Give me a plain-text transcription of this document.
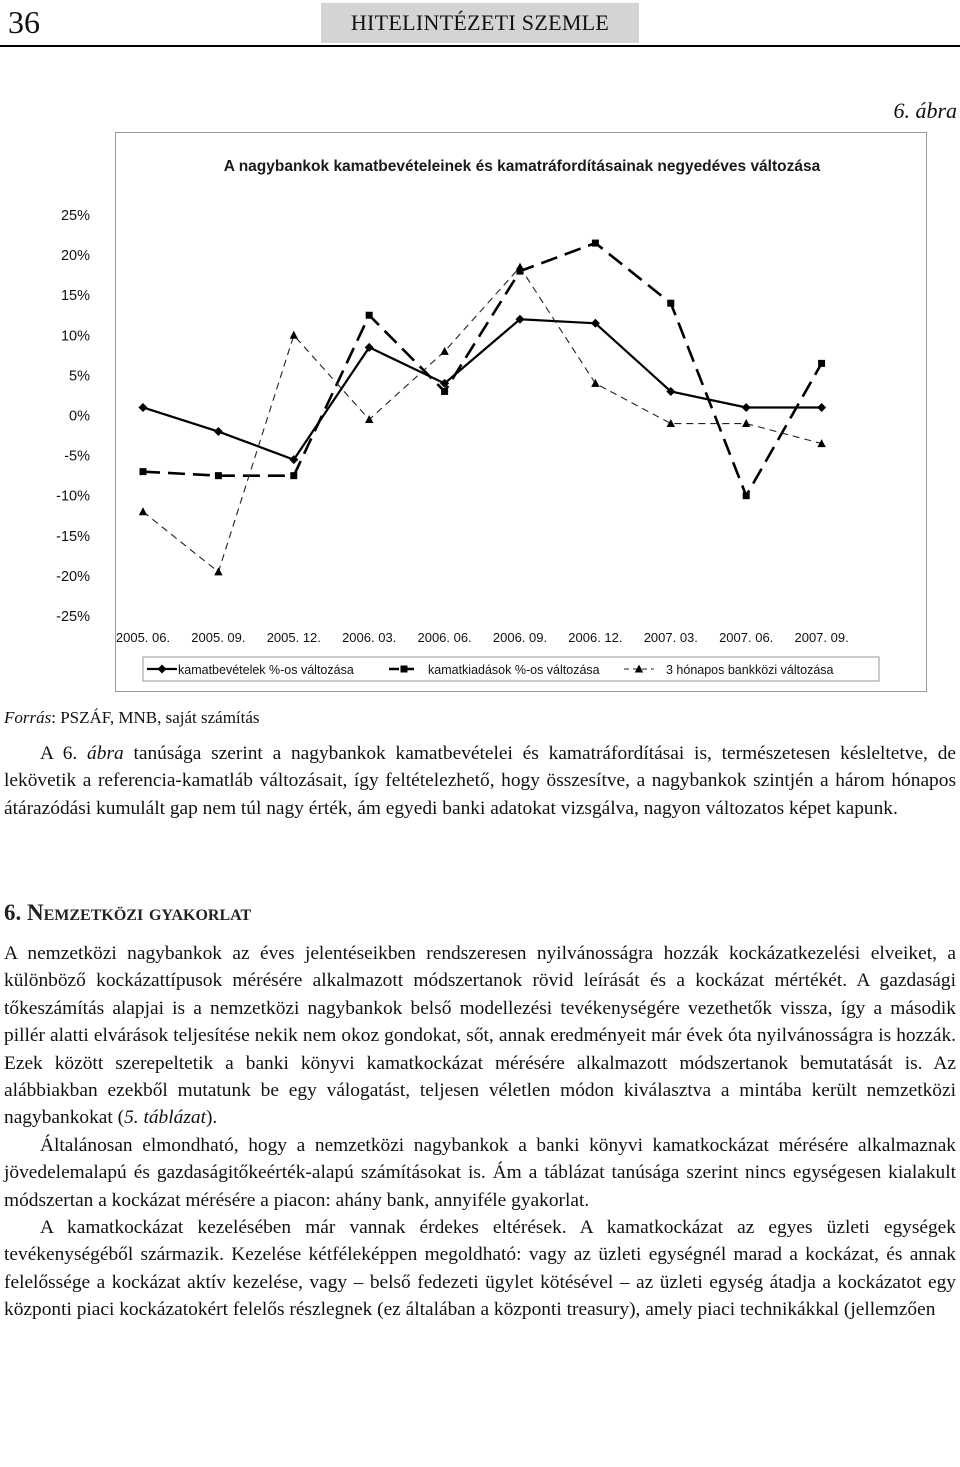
36	HITELINTÉZETI SZEMLE
6. ábra
A nagybankok kamatbevételeinek és kamatráfordításainak negyedéves változása
25%
20%
15%
10%
5%
0%
-5%
-10%
-15%
-20%
-25%
2005. 06. 2005. 09. 2005. 12. 2006. 03. 2006. 06. 2006. 09. 2006. 12. 2007. 03. 2007. 06. 2007. 09.
kamatbevételek %-os változása	kamatkiadások %-os változása	3 hónapos bankközi változása
Forrás: PSZÁF, MNB, saját számítás
A 6. ábra tanúsága szerint a nagybankok kamatbevételei és kamatráfordításai is, természetesen késleltetve, de lekövetik a referencia-kamatláb változásait, így feltételezhető, hogy összesítve, a nagybankok szintjén a három hónapos átárazódási kumulált gap nem túl nagy érték, ám egyedi banki adatokat vizsgálva, nagyon változatos képet kapunk.
6. Nemzetközi gyakorlat

A nemzetközi nagybankok az éves jelentéseikben rendszeresen nyilvánosságra hozzák kockázatkezelési elveiket, a különböző kockázattípusok mérésére alkalmazott módszertanok rövid leírását és a kockázat mértékét. A gazdasági tőkeszámítás alapjai is a nemzetközi nagybankok belső modellezési tevékenységére vezethetők vissza, így a második pillér alatti elvárások teljesítése nekik nem okoz gondokat, sőt, annak eredményeit már évek óta nyilvánosságra is hozzák. Ezek között szerepeltetik a banki könyvi kamatkockázat mérésére alkalmazott módszertanok bemutatását is. Az alábbiakban ezekből mutatunk be egy válogatást, teljesen véletlen módon kiválasztva a mintába került nemzetközi nagybankokat (5. táblázat).

Általánosan elmondható, hogy a nemzetközi nagybankok a banki könyvi kamatkockázat mérésére alkalmaznak jövedelemalapú és gazdaságitőkeérték-alapú számításokat is. Ám a táblázat tanúsága szerint nincs egységesen kialakult módszertan a kockázat mérésére a piacon: ahány bank, annyiféle gyakorlat.

A kamatkockázat kezelésében már vannak érdekes eltérések. A kamatkockázat az egyes üzleti egységek tevékenységéből származik. Kezelése kétféleképpen megoldható: vagy az üzleti egységnél marad a kockázat, és annak felelőssége a kockázat aktív kezelése, vagy – belső fedezeti ügylet kötésével – az üzleti egység átadja a kockázatot egy központi piaci kockázatokért felelős részlegnek (ez általában a központi treasury), amely piaci technikákkal (jellemzően
